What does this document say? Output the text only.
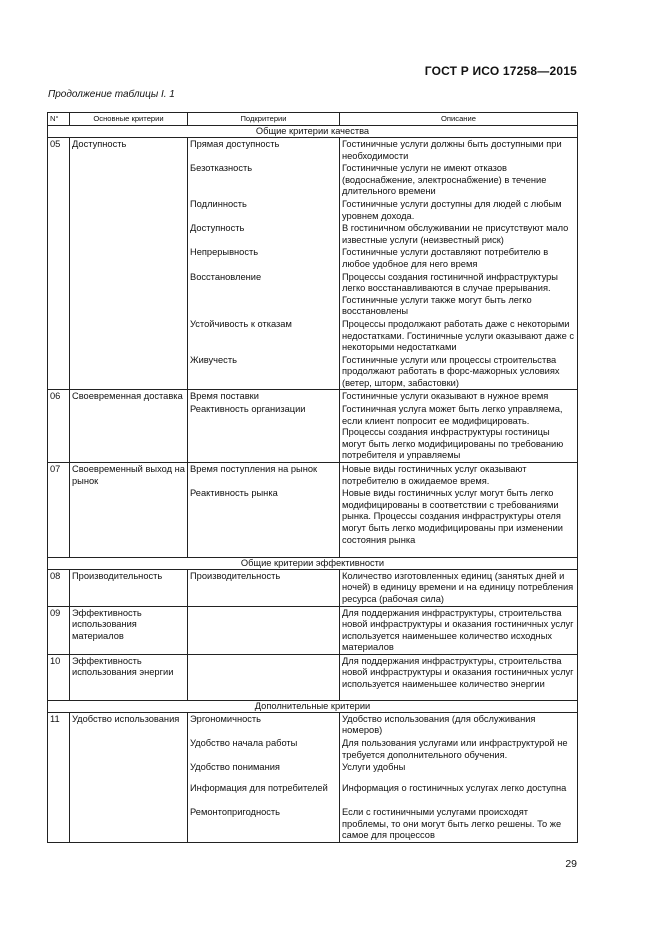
ГОСТ Р ИСО 17258—2015
Продолжение таблицы I. 1
N°	Основные критерии	Подкритерии	Описание
Общие критерии качества			
05	Доступность	Прямая доступность	Гостиничные услуги должны быть доступными при необходимости
		Безотказность	Гостиничные услуги не имеют отказов (водоснабжение, электроснабжение) в течение длительного времени
		Подлинность	Гостиничные услуги доступны для людей с любым уровнем дохода.
		Доступность	В гостиничном обслуживании не присутствуют мало известные услуги (неизвестный риск)
		Непрерывность	Гостиничные услуги доставляют потребителю в любое удобное для него время
		Восстановление	Процессы создания гостиничной инфраструктуры легко восстанавливаются в случае прерывания. Гостиничные услуги также могут быть легко восстановлены
		Устойчивость к отказам	Процессы продолжают работать даже с некоторыми недостатками. Гостиничные услуги оказывают даже с некоторыми недостатками
		Живучесть	Гостиничные услуги или процессы строительства продолжают работать в форс-мажорных условиях (ветер, шторм, забастовки)
06	Своевременная доставка	Время поставки	Гостиничные услуги оказывают в нужное время
		Реактивность организации	Гостиничная услуга может быть легко управляема, если клиент попросит ее модифицировать. Процессы создания инфраструктуры гостиницы могут быть легко модифицированы по требованию потребителя и управляемы
07	Своевременный выход на рынок	Время поступления на рынок	Новые виды гостиничных услуг оказывают потребителю в ожидаемое время.
		Реактивность рынка	Новые виды гостиничных услуг могут быть легко модифицированы в соответствии с требованиями рынка. Процессы создания инфраструктуры отеля могут быть легко модифицированы при изменении состояния рынка
Общие критерии эффективности			
08	Производительность	Производительность	Количество изготовленных единиц (занятых дней и ночей) в единицу времени и на единицу потребления ресурса (рабочая сила)
09	Эффективность использования материалов		Для поддержания инфраструктуры, строительства новой инфраструктуры и оказания гостиничных услуг используется наименьшее количество исходных материалов
10	Эффективность использования энергии		Для поддержания инфраструктуры, строительства новой инфраструктуры и оказания гостиничных услуг используется наименьшее количество энергии
Дополнительные критерии			
11	Удобство использования	Эргономичность	Удобство использования (для обслуживания номеров)
		Удобство начала работы	Для пользования услугами или инфраструктурой не требуется дополнительного обучения.
		Удобство понимания	Услуги удобны
		Информация для потребителей	Информация о гостиничных услугах легко доступна
		Ремонтопригодность	Если с гостиничными услугами происходят проблемы, то они могут быть легко решены. То же самое для процессов
29
